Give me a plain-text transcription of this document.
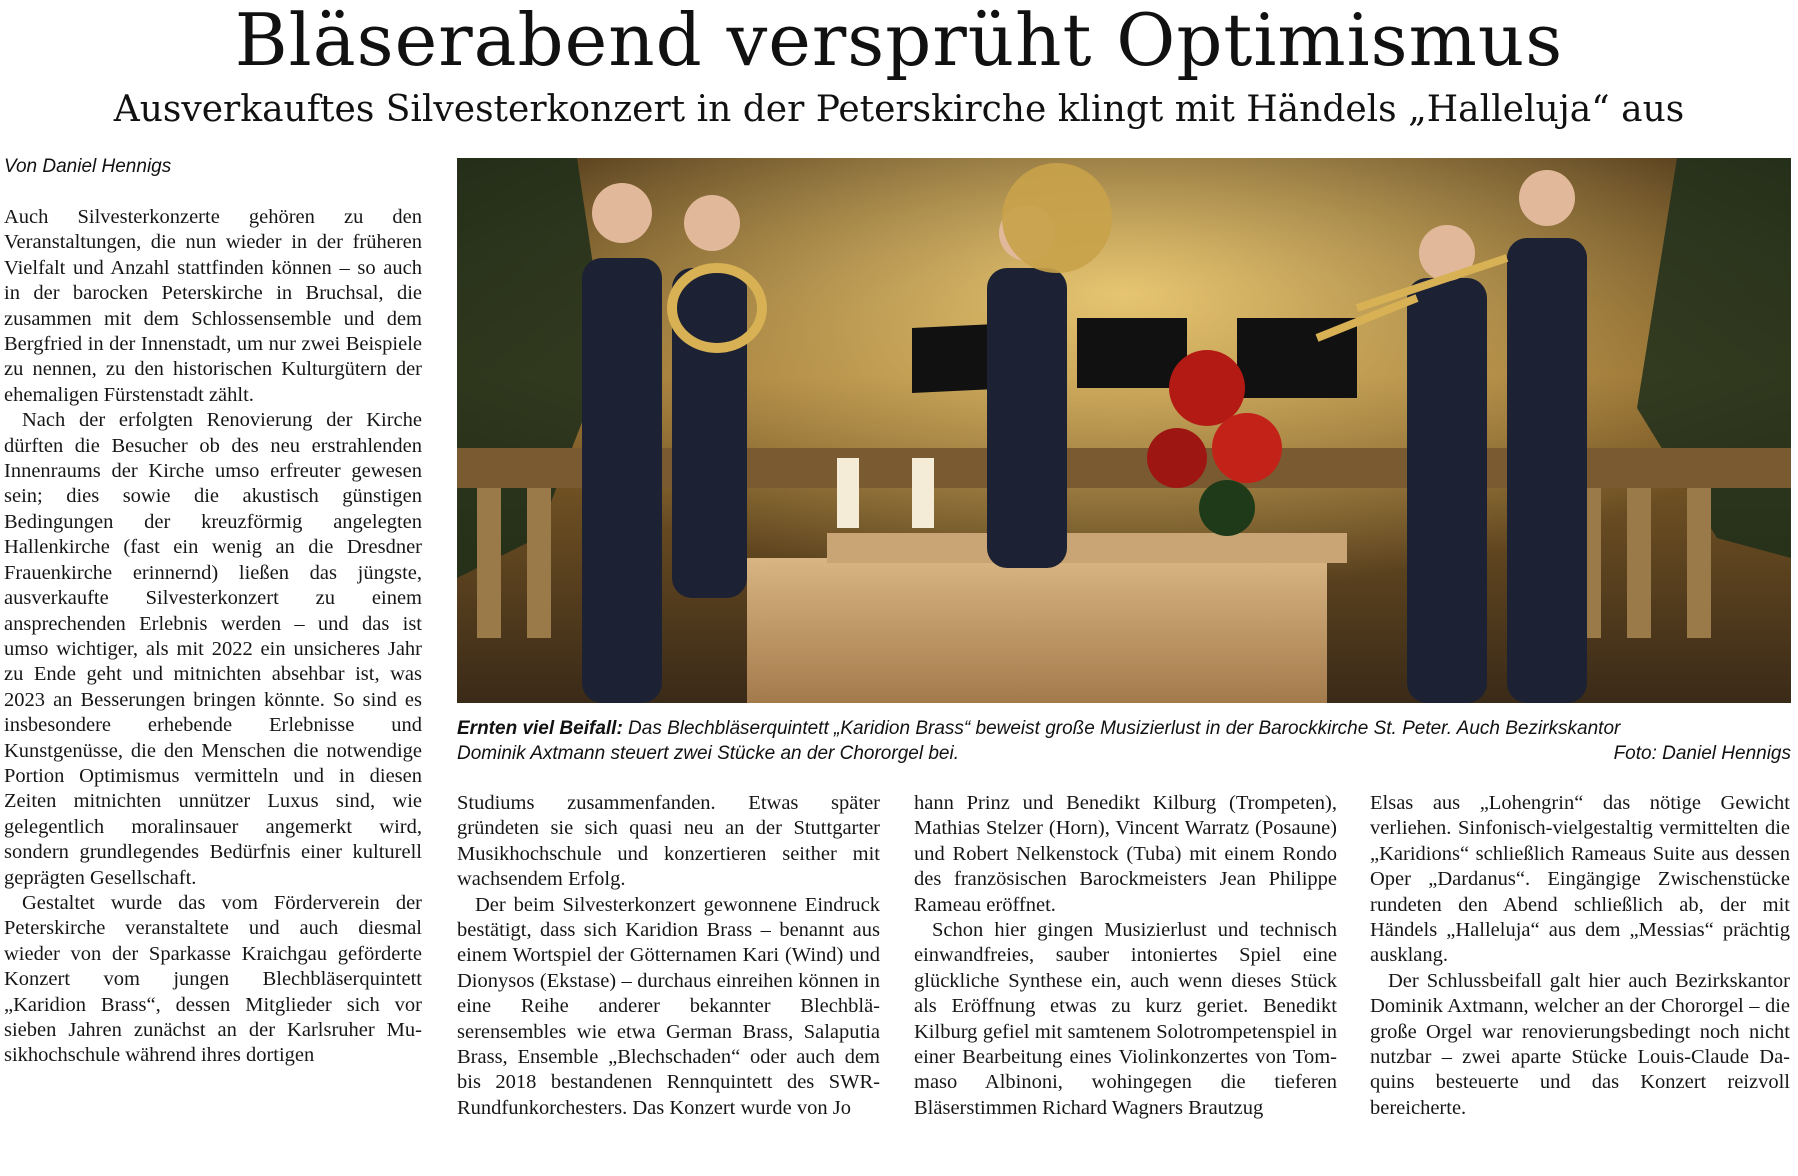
Bläserabend versprüht Optimismus
Ausverkauftes Silvesterkonzert in der Peterskirche klingt mit Händels „Halleluja“ aus
Von Daniel Hennigs

Auch Silvesterkonzerte gehören zu den Veranstaltungen, die nun wieder in der früheren Vielfalt und Anzahl stattfinden können – so auch in der barocken Peterskirche in Bruchsal, die zusammen mit dem Schlossensemble und dem Bergfried in der Innenstadt, um nur zwei Beispiele zu nennen, zu den historischen Kulturgütern der ehemaligen Fürstenstadt zählt.

Nach der erfolgten Renovierung der Kirche dürften die Besucher ob des neu erstrahlenden Innenraums der Kirche umso erfreuter gewesen sein; dies sowie die akustisch günstigen Bedingungen der kreuzförmig angelegten Hallenkirche (fast ein wenig an die Dresdner Frauenkirche erinnernd) ließen das jüngste, ausverkaufte Silvesterkonzert zu einem ansprechenden Erlebnis werden – und das ist umso wichtiger, als mit 2022 ein unsicheres Jahr zu Ende geht und mitnichten absehbar ist, was 2023 an Besserungen bringen könnte. So sind es insbesondere erhebende Erlebnisse und Kunstgenüsse, die den Menschen die notwendige Portion Optimismus vermitteln und in diesen Zeiten mitnichten unnützer Luxus sind, wie gelegentlich moralinsauer angemerkt wird, sondern grundlegendes Bedürfnis einer kulturell geprägten Gesellschaft.

Gestaltet wurde das vom Förderverein der Peterskirche veranstaltete und auch diesmal wieder von der Sparkasse Kraichgau geförderte Konzert vom jungen Blechbläserquintett „Karidion Brass“, dessen Mitglieder sich vor sieben Jahren zunächst an der Karlsruher Musikhochschule während ihres dortigen

Ernten viel Beifall: Das Blechbläserquintett „Karidion Brass“ beweist große Musizierlust in der Barockkirche St. Peter. Auch Bezirkskantor
Dominik Axtmann steuert zwei Stücke an der Chororgel bei.	Foto: Daniel Hennigs

Studiums zusammenfanden. Etwas später gründeten sie sich quasi neu an der Stuttgarter Musikhochschule und konzertieren seither mit wachsendem Erfolg.

Der beim Silvesterkonzert gewonnene Eindruck bestätigt, dass sich Karidion Brass – benannt aus einem Wortspiel der Götternamen Kari (Wind) und Dionysos (Ekstase) – durchaus einreihen können in eine Reihe anderer bekannter Blechbläserensembles wie etwa German Brass, Salaputia Brass, Ensemble „Blechschaden“ oder auch dem bis 2018 bestandenen Rennquintett des SWR-Rundfunkorchesters. Das Konzert wurde von Jo

hann Prinz und Benedikt Kilburg (Trompeten), Mathias Stelzer (Horn), Vincent Warratz (Posaune) und Robert Nelkenstock (Tuba) mit einem Rondo des französischen Barockmeisters Jean Philippe Rameau eröffnet.

Schon hier gingen Musizierlust und technisch einwandfreies, sauber intoniertes Spiel eine glückliche Synthese ein, auch wenn dieses Stück als Eröffnung etwas zu kurz geriet. Benedikt Kilburg gefiel mit samtenem Solotrompetenspiel in einer Bearbeitung eines Violinkonzertes von Tommaso Albinoni, wohingegen die tieferen Bläserstimmen Richard Wagners Brautzug

Elsas aus „Lohengrin“ das nötige Gewicht verliehen. Sinfonisch-vielgestaltig vermittelten die „Karidions“ schließlich Rameaus Suite aus dessen Oper „Dardanus“. Eingängige Zwischenstücke rundeten den Abend schließlich ab, der mit Händels „Halleluja“ aus dem „Messias“ prächtig ausklang.

Der Schlussbeifall galt hier auch Bezirkskantor Dominik Axtmann, welcher an der Chororgel – die große Orgel war renovierungsbedingt noch nicht nutzbar – zwei aparte Stücke Louis-Claude Daquins besteuerte und das Konzert reizvoll bereicherte.
